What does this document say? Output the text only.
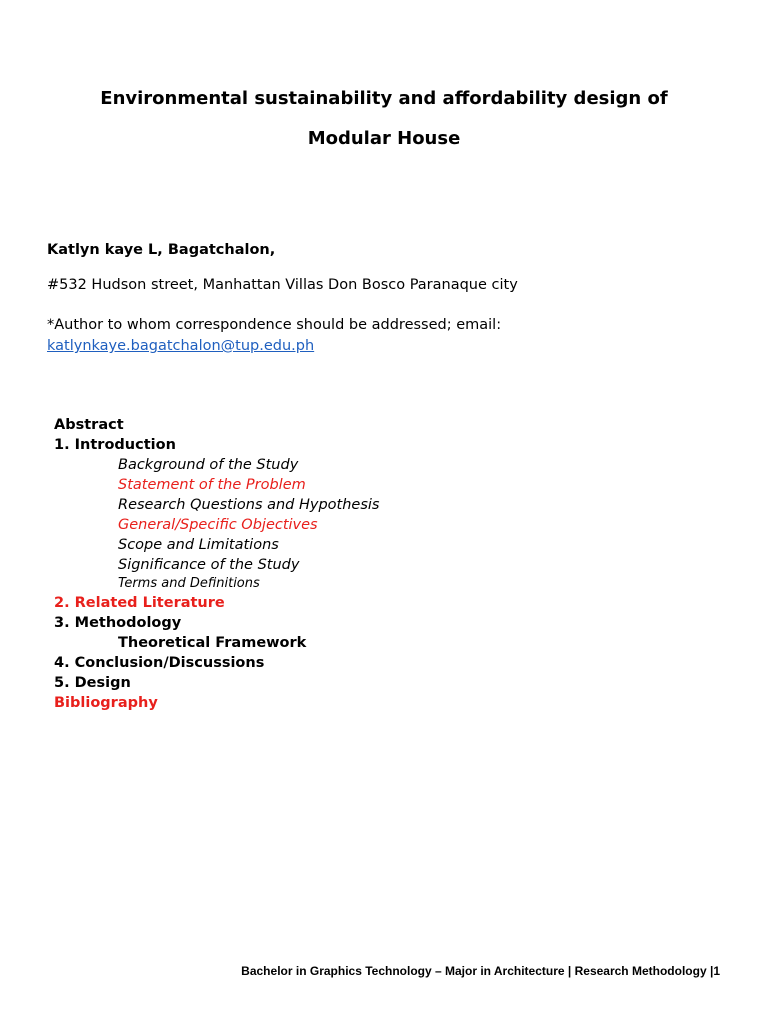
Environmental sustainability and affordability design of
Modular House
Katlyn kaye L, Bagatchalon,
#532 Hudson street, Manhattan Villas Don Bosco Paranaque city
*Author to whom correspondence should be addressed; email:
katlynkaye.bagatchalon@tup.edu.ph
Abstract
1. Introduction
Background of the Study
Statement of the Problem
Research Questions and Hypothesis
General/Specific Objectives
Scope and Limitations
Significance of the Study
Terms and Definitions
2. Related Literature
3. Methodology
Theoretical Framework
4. Conclusion/Discussions
5. Design
Bibliography
Bachelor in Graphics Technology – Major in Architecture | Research Methodology |1
